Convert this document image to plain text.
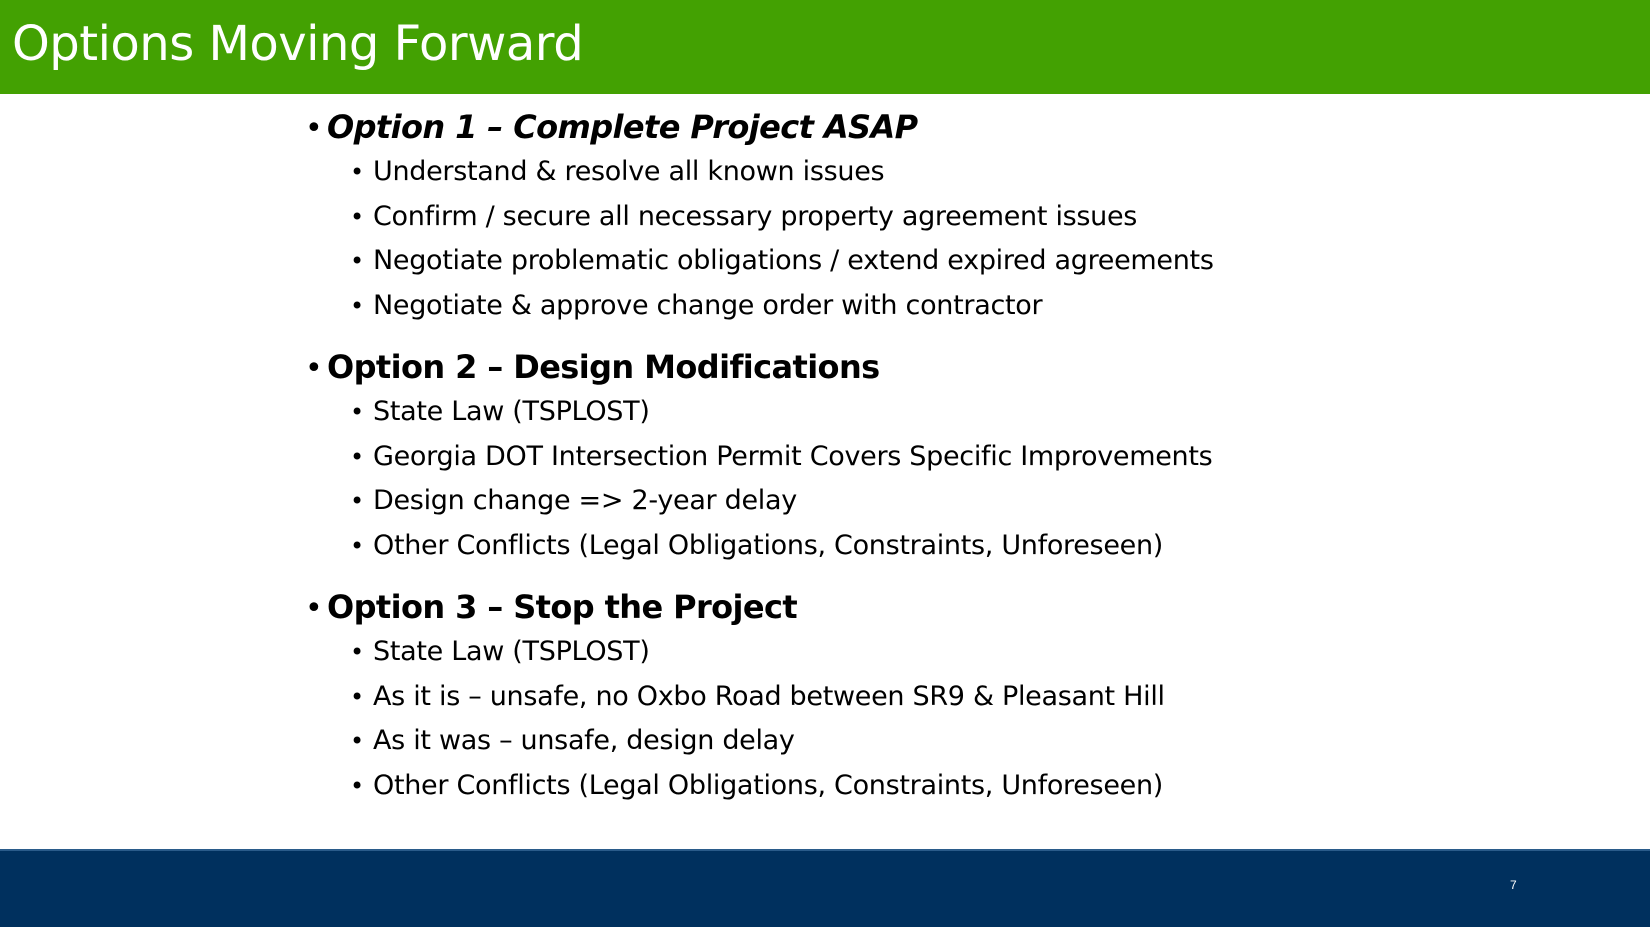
Options Moving Forward
• Option 1 – Complete Project ASAP
• Understand & resolve all known issues
• Confirm / secure all necessary property agreement issues
• Negotiate problematic obligations / extend expired agreements
• Negotiate & approve change order with contractor
• Option 2 – Design Modifications
• State Law (TSPLOST)
• Georgia DOT Intersection Permit Covers Specific Improvements
• Design change => 2-year delay
• Other Conflicts (Legal Obligations, Constraints, Unforeseen)
• Option 3 – Stop the Project
• State Law (TSPLOST)
• As it is – unsafe, no Oxbo Road between SR9 & Pleasant Hill
• As it was – unsafe, design delay
• Other Conflicts (Legal Obligations, Constraints, Unforeseen)
7
